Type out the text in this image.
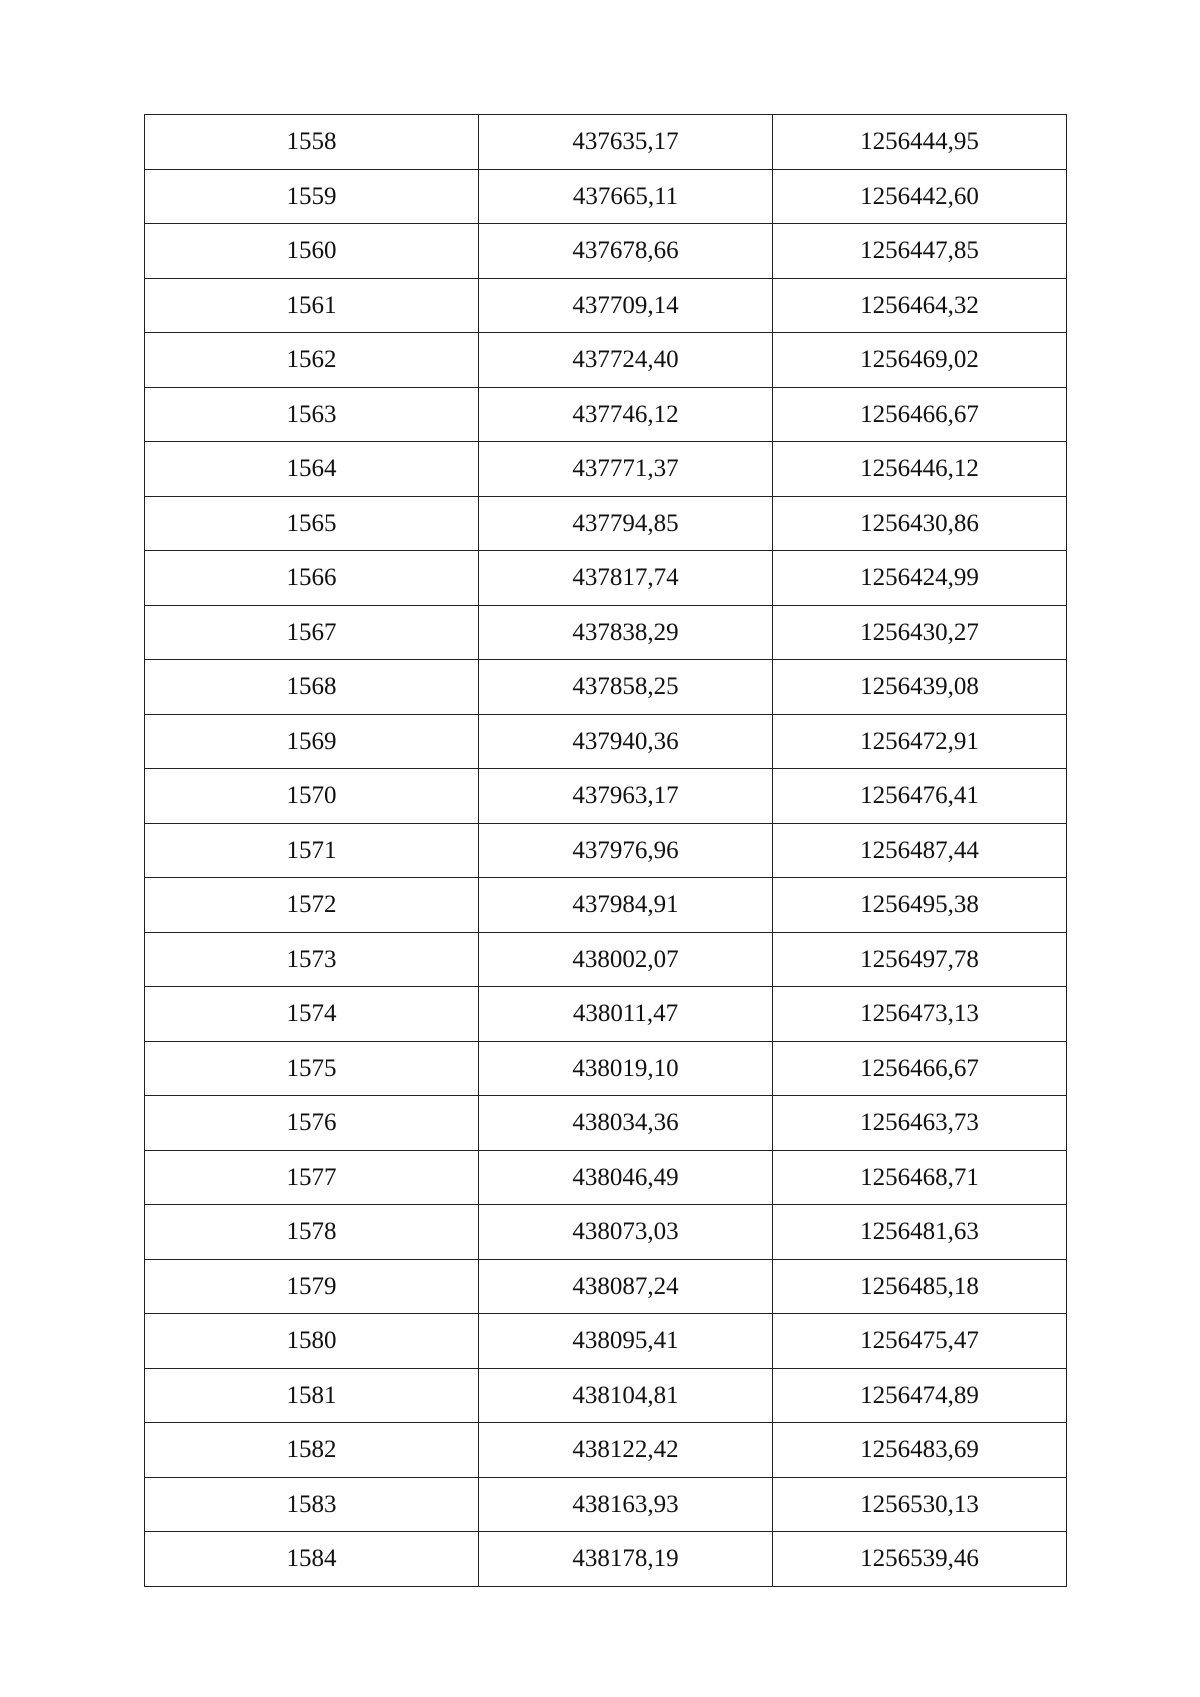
1558	437635,17	1256444,95
1559	437665,11	1256442,60
1560	437678,66	1256447,85
1561	437709,14	1256464,32
1562	437724,40	1256469,02
1563	437746,12	1256466,67
1564	437771,37	1256446,12
1565	437794,85	1256430,86
1566	437817,74	1256424,99
1567	437838,29	1256430,27
1568	437858,25	1256439,08
1569	437940,36	1256472,91
1570	437963,17	1256476,41
1571	437976,96	1256487,44
1572	437984,91	1256495,38
1573	438002,07	1256497,78
1574	438011,47	1256473,13
1575	438019,10	1256466,67
1576	438034,36	1256463,73
1577	438046,49	1256468,71
1578	438073,03	1256481,63
1579	438087,24	1256485,18
1580	438095,41	1256475,47
1581	438104,81	1256474,89
1582	438122,42	1256483,69
1583	438163,93	1256530,13
1584	438178,19	1256539,46
